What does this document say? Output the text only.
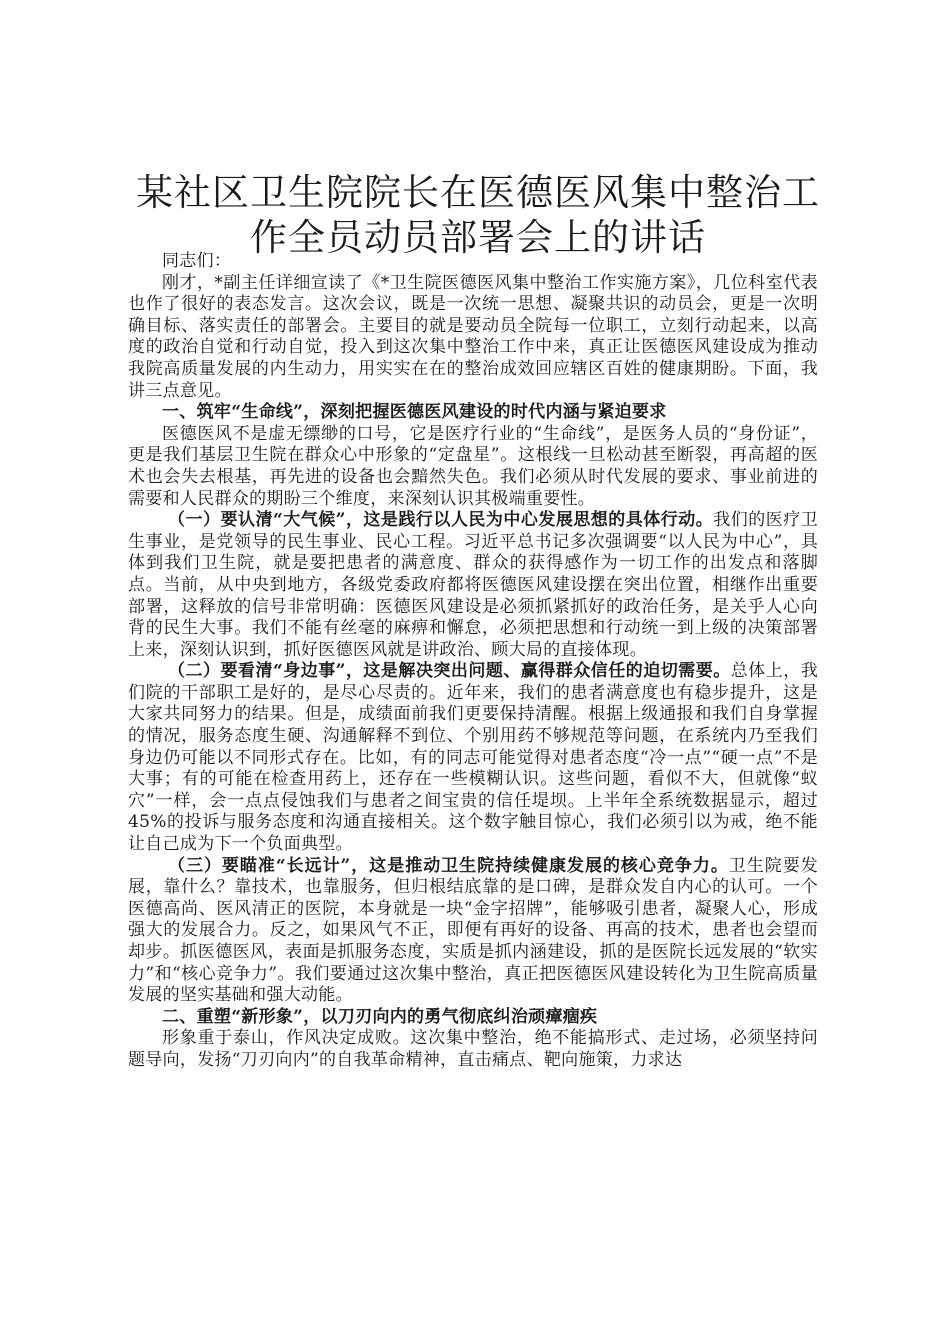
某社区卫生院院长在医德医风集中整治工作全员动员部署会上的讲话

同志们：

刚才，*副主任详细宣读了《*卫生院医德医风集中整治工作实施方案》，几位科室代表也作了很好的表态发言。这次会议，既是一次统一思想、凝聚共识的动员会，更是一次明确目标、落实责任的部署会。主要目的就是要动员全院每一位职工，立刻行动起来，以高度的政治自觉和行动自觉，投入到这次集中整治工作中来，真正让医德医风建设成为推动我院高质量发展的内生动力，用实实在在的整治成效回应辖区百姓的健康期盼。下面，我讲三点意见。

一、筑牢“生命线”，深刻把握医德医风建设的时代内涵与紧迫要求

医德医风不是虚无缥缈的口号，它是医疗行业的“生命线”，是医务人员的“身份证”，更是我们基层卫生院在群众心中形象的“定盘星”。这根线一旦松动甚至断裂，再高超的医术也会失去根基，再先进的设备也会黯然失色。我们必须从时代发展的要求、事业前进的需要和人民群众的期盼三个维度，来深刻认识其极端重要性。

（一）要认清“大气候”，这是践行以人民为中心发展思想的具体行动。我们的医疗卫生事业，是党领导的民生事业、民心工程。习近平总书记多次强调要“以人民为中心”，具体到我们卫生院，就是要把患者的满意度、群众的获得感作为一切工作的出发点和落脚点。当前，从中央到地方，各级党委政府都将医德医风建设摆在突出位置，相继作出重要部署，这释放的信号非常明确：医德医风建设是必须抓紧抓好的政治任务，是关乎人心向背的民生大事。我们不能有丝毫的麻痹和懈怠，必须把思想和行动统一到上级的决策部署上来，深刻认识到，抓好医德医风就是讲政治、顾大局的直接体现。

（二）要看清“身边事”，这是解决突出问题、赢得群众信任的迫切需要。总体上，我们院的干部职工是好的，是尽心尽责的。近年来，我们的患者满意度也有稳步提升，这是大家共同努力的结果。但是，成绩面前我们更要保持清醒。根据上级通报和我们自身掌握的情况，服务态度生硬、沟通解释不到位、个别用药不够规范等问题，在系统内乃至我们身边仍可能以不同形式存在。比如，有的同志可能觉得对患者态度“冷一点”“硬一点”不是大事；有的可能在检查用药上，还存在一些模糊认识。这些问题，看似不大，但就像“蚁穴”一样，会一点点侵蚀我们与患者之间宝贵的信任堤坝。上半年全系统数据显示，超过45%的投诉与服务态度和沟通直接相关。这个数字触目惊心，我们必须引以为戒，绝不能让自己成为下一个负面典型。

（三）要瞄准“长远计”，这是推动卫生院持续健康发展的核心竞争力。卫生院要发展，靠什么？靠技术，也靠服务，但归根结底靠的是口碑，是群众发自内心的认可。一个医德高尚、医风清正的医院，本身就是一块“金字招牌”，能够吸引患者，凝聚人心，形成强大的发展合力。反之，如果风气不正，即便有再好的设备、再高的技术，患者也会望而却步。抓医德医风，表面是抓服务态度，实质是抓内涵建设，抓的是医院长远发展的“软实力”和“核心竞争力”。我们要通过这次集中整治，真正把医德医风建设转化为卫生院高质量发展的坚实基础和强大动能。

二、重塑“新形象”，以刀刃向内的勇气彻底纠治顽瘴痼疾

形象重于泰山，作风决定成败。这次集中整治，绝不能搞形式、走过场，必须坚持问题导向，发扬“刀刃向内”的自我革命精神，直击痛点、靶向施策，力求达
